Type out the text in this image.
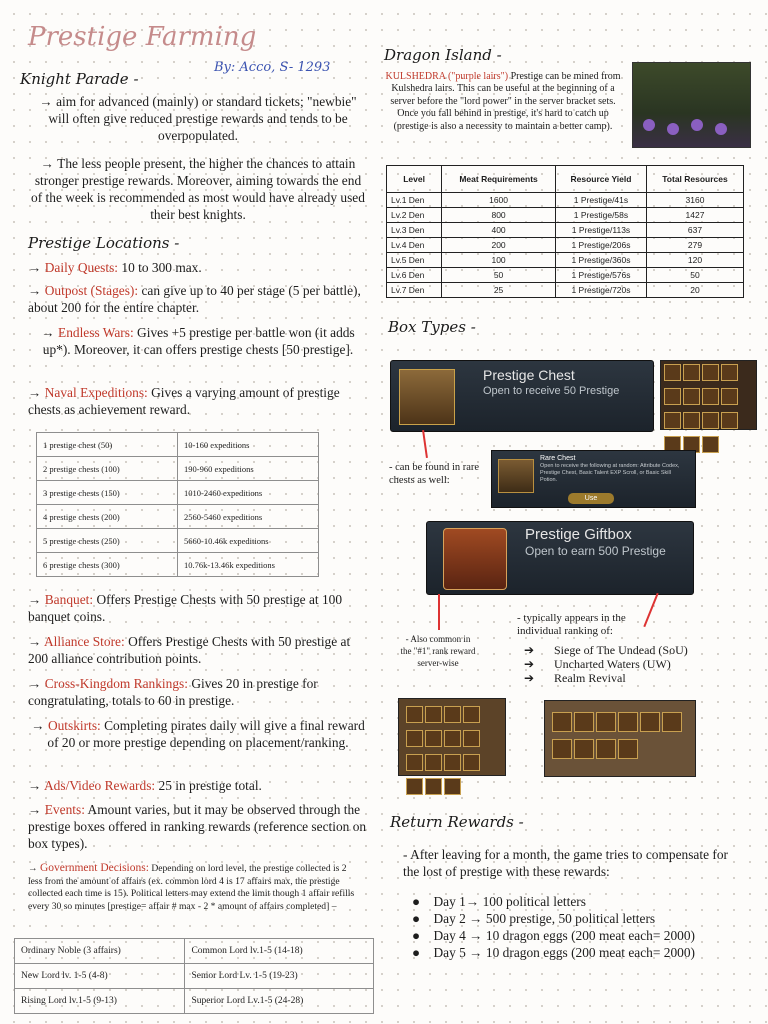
Prestige Farming
By: Acco, S- 1293
Knight Parade -
→ aim for advanced (mainly) or standard tickets; "newbie" will often give reduced prestige rewards and tends to be overpopulated.
→ The less people present, the higher the chances to attain stronger prestige rewards. Moreover, aiming towards the end of the week is recommended as most would have already used their best knights.
Prestige Locations -
→ Daily Quests: 10 to 300 max.
→ Outpost (Stages): can give up to 40 per stage (5 per battle), about 200 for the entire chapter.
→ Endless Wars: Gives +5 prestige per battle won (it adds up*). Moreover, it can offers prestige chests [50 prestige].
→ Naval Expeditions: Gives a varying amount of prestige chests as achievement reward.
1 prestige chest (50)	10-160 expeditions
2 prestige chests (100)	190-960 expeditions
3 prestige chests (150)	1010-2460 expeditions
4 prestige chests (200)	2560-5460 expeditions
5 prestige chests (250)	5660-10.46k expeditions
6 prestige chests (300)	10.76k-13.46k expeditions
→ Banquet: Offers Prestige Chests with 50 prestige at 100 banquet coins.
→ Alliance Store: Offers Prestige Chests with 50 prestige at 200 alliance contribution points.
→ Cross-Kingdom Rankings: Gives 20 in prestige for congratulating, totals to 60 in prestige.
→ Outskirts: Completing pirates daily will give a final reward of 20 or more prestige depending on placement/ranking.
→ Ads/Video Rewards: 25 in prestige total.
→ Events: Amount varies, but it may be observed through the prestige boxes offered in ranking rewards (reference section on box types).
→ Government Decisions: Depending on lord level, the prestige collected is 2 less from the amount of affairs (ex. common lord 4 is 17 affairs max, the prestige collected each time is 15). Political letters may extend the limit though 1 affair refills every 30 so minutes [prestige= affair # max - 2 * amount of affairs completed] –
Ordinary Noble (3 affairs)	Common Lord lv.1-5 (14-18)
New Lord lv. 1-5 (4-8)	Senior Lord Lv. 1-5 (19-23)
Rising Lord lv.1-5 (9-13)	Superior Lord Lv.1-5 (24-28)
Dragon Island -
KULSHEDRA ("purple lairs") Prestige can be mined from Kulshedra lairs. This can be useful at the beginning of a server before the "lord power" in the server bracket sets. Once you fall behind in prestige, it's hard to catch up (prestige is also a necessity to maintain a better camp).
Level	Meat Requirements	Resource Yield	Total Resources
Lv.1 Den	1600	1 Prestige/41s	3160
Lv.2 Den	800	1 Prestige/58s	1427
Lv.3 Den	400	1 Prestige/113s	637
Lv.4 Den	200	1 Prestige/206s	279
Lv.5 Den	100	1 Prestige/360s	120
Lv.6 Den	50	1 Prestige/576s	50
Lv.7 Den	25	1 Prestige/720s	20
Box Types -
Prestige Chest
Open to receive 50 Prestige
- can be found in rare chests as well:
Rare Chest
Open to receive the following at random: Attribute Codex, Prestige Chest, Basic Talent EXP Scroll, or Basic Skill Potion.
Use
Prestige Giftbox
Open to earn 500 Prestige
- Also common in the "#1" rank reward server-wise
- typically appears in the individual ranking of:
➔	Siege of The Undead (SoU)
➔	Uncharted Waters (UW)
➔	Realm Revival
Return Rewards -
- After leaving for a month, the game tries to compensate for the lost of prestige with these rewards:
●    Day 1→ 100 political letters
●    Day 2 → 500 prestige, 50 political letters
●    Day 4 → 10 dragon eggs (200 meat each= 2000)
●    Day 5 → 10 dragon eggs (200 meat each= 2000)
